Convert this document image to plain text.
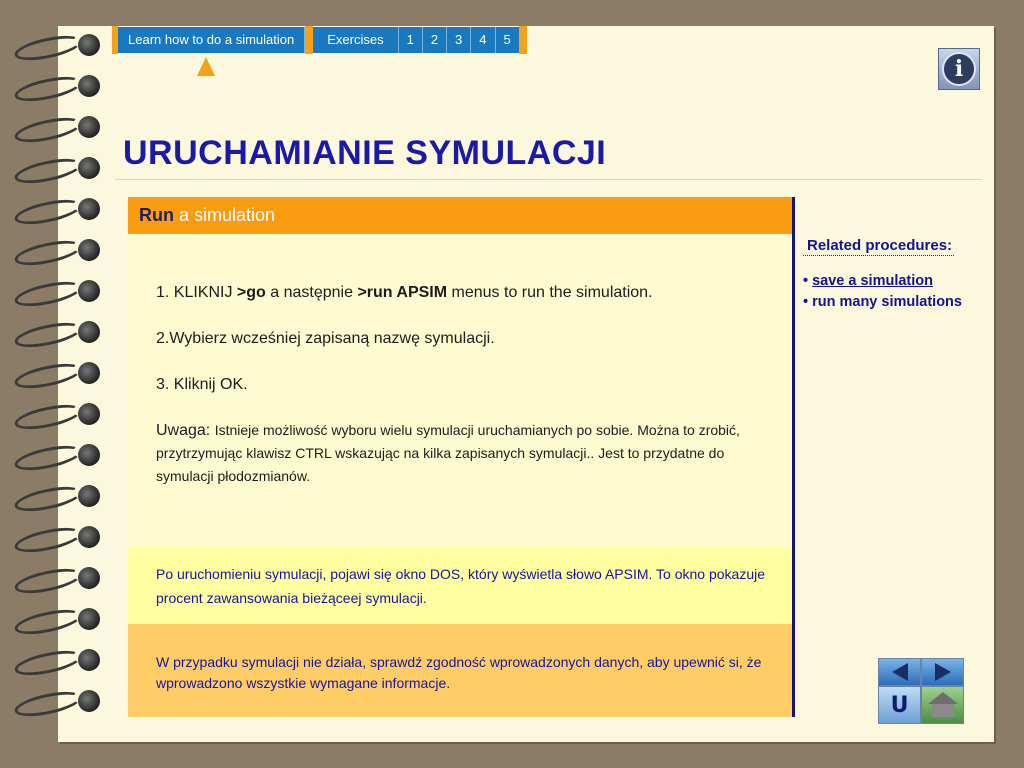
Learn how to do a simulation	Exercises	1	2	3	4	5
i
URUCHAMIANIE SYMULACJI
Run a simulation

1. KLIKNIJ >go a następnie >run APSIM menus to run the simulation.

2.Wybierz wcześniej zapisaną nazwę symulacji.

3. Kliknij OK.

Uwaga: Istnieje możliwość wyboru wielu symulacji uruchamianych po sobie. Można to zrobić, przytrzymując klawisz CTRL wskazując na kilka zapisanych symulacji.. Jest to przydatne do symulacji płodozmianów.

Po uruchomieniu symulacji, pojawi się okno DOS, który wyświetla słowo APSIM. To okno pokazuje procent zawansowania bieżąceej symulacji.
W przypadku symulacji nie działa, sprawdź zgodność wprowadzonych danych, aby upewnić si, że wprowadzono wszystkie wymagane informacje.
Related procedures:
• save a simulation
• run many simulations
U
